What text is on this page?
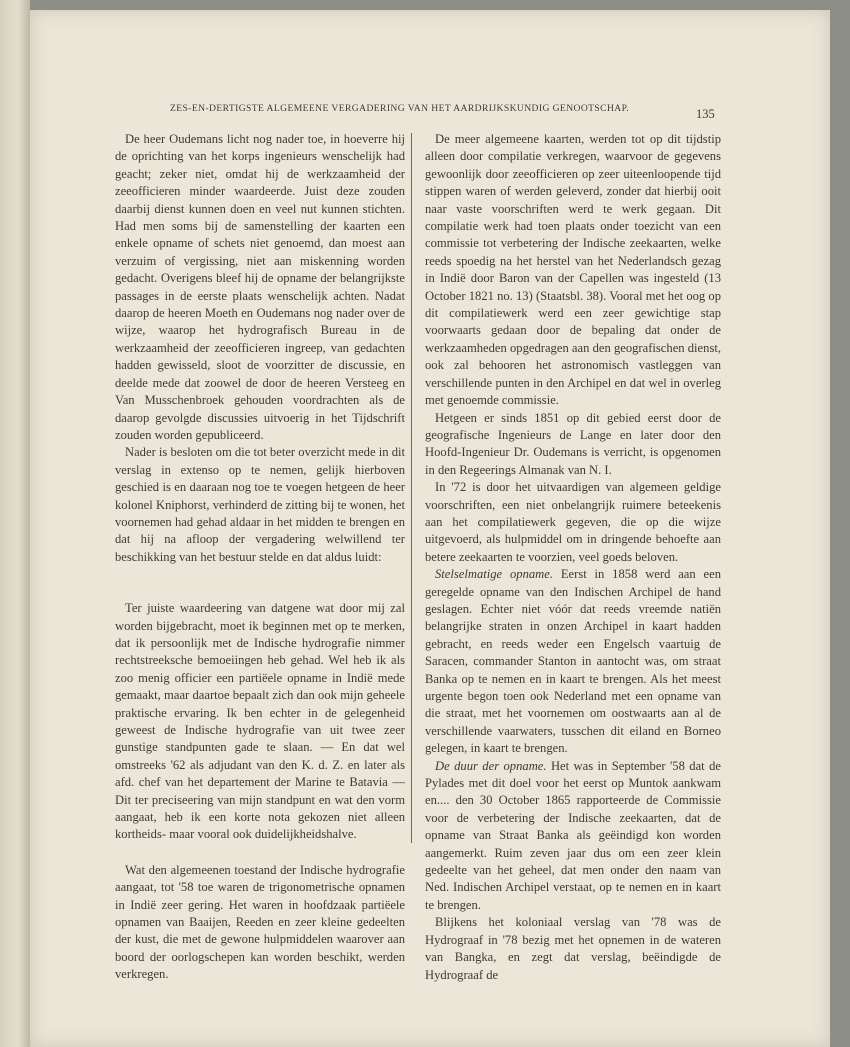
ZES-EN-DERTIGSTE ALGEMEENE VERGADERING VAN HET AARDRIJKSKUNDIG GENOOTSCHAP.	135

De heer Oudemans licht nog nader toe, in hoeverre hij de oprichting van het korps ingenieurs wenschelijk had geacht; zeker niet, omdat hij de werkzaamheid der zeeofficieren minder waardeerde. Juist deze zouden daarbij dienst kunnen doen en veel nut kunnen stichten. Had men soms bij de samenstelling der kaarten een enkele opname of schets niet genoemd, dan moest aan verzuim of vergissing, niet aan miskenning worden gedacht. Overigens bleef hij de opname der belangrijkste passages in de eerste plaats wenschelijk achten. Nadat daarop de heeren Moeth en Oudemans nog nader over de wijze, waarop het hydrografisch Bureau in de werkzaamheid der zeeofficieren ingreep, van gedachten hadden gewisseld, sloot de voorzitter de discussie, en deelde mede dat zoowel de door de heeren Versteeg en Van Musschenbroek gehouden voordrachten als de daarop gevolgde discussies uitvoerig in het Tijdschrift zouden worden gepubliceerd.

Nader is besloten om die tot beter overzicht mede in dit verslag in extenso op te nemen, gelijk hierboven geschied is en daaraan nog toe te voegen hetgeen de heer kolonel Kniphorst, verhinderd de zitting bij te wonen, het voornemen had gehad aldaar in het midden te brengen en dat hij na afloop der vergadering welwillend ter beschikking van het bestuur stelde en dat aldus luidt:

Ter juiste waardeering van datgene wat door mij zal worden bijgebracht, moet ik beginnen met op te merken, dat ik persoonlijk met de Indische hydrografie nimmer rechtstreeksche bemoeiingen heb gehad. Wel heb ik als zoo menig officier een partiëele opname in Indië mede gemaakt, maar daartoe bepaalt zich dan ook mijn geheele praktische ervaring. Ik ben echter in de gelegenheid geweest de Indische hydrografie van uit twee zeer gunstige standpunten gade te slaan. — En dat wel omstreeks '62 als adjudant van den K. d. Z. en later als afd. chef van het departement der Marine te Batavia — Dit ter preciseering van mijn standpunt en wat den vorm aangaat, heb ik een korte nota gekozen niet alleen kortheids- maar vooral ook duidelijkheidshalve.

Wat den algemeenen toestand der Indische hydrografie aangaat, tot '58 toe waren de trigonometrische opnamen in Indië zeer gering. Het waren in hoofdzaak partiëele opnamen van Baaijen, Reeden en zeer kleine gedeelten der kust, die met de gewone hulpmiddelen waarover aan boord der oorlogschepen kan worden beschikt, werden verkregen.

De meer algemeene kaarten, werden tot op dit tijdstip alleen door compilatie verkregen, waarvoor de gegevens gewoonlijk door zeeofficieren op zeer uiteenloopende tijd stippen waren of werden geleverd, zonder dat hierbij ooit naar vaste voorschriften werd te werk gegaan. Dit compilatie werk had toen plaats onder toezicht van een commissie tot verbetering der Indische zeekaarten, welke reeds spoedig na het herstel van het Nederlandsch gezag in Indië door Baron van der Capellen was ingesteld (13 October 1821 no. 13) (Staatsbl. 38). Vooral met het oog op dit compilatiewerk werd een zeer gewichtige stap voorwaarts gedaan door de bepaling dat onder de werkzaamheden opgedragen aan den geografischen dienst, ook zal behooren het astronomisch vastleggen van verschillende punten in den Archipel en dat wel in overleg met genoemde commissie.

Hetgeen er sinds 1851 op dit gebied eerst door de geografische Ingenieurs de Lange en later door den Hoofd-Ingenieur Dr. Oudemans is verricht, is opgenomen in den Regeerings Almanak van N. I.

In '72 is door het uitvaardigen van algemeen geldige voorschriften, een niet onbelangrijk ruimere beteekenis aan het compilatiewerk gegeven, die op die wijze uitgevoerd, als hulpmiddel om in dringende behoefte aan betere zeekaarten te voorzien, veel goeds beloven.

Stelselmatige opname. Eerst in 1858 werd aan een geregelde opname van den Indischen Archipel de hand geslagen. Echter niet vóór dat reeds vreemde natiën belangrijke straten in onzen Archipel in kaart hadden gebracht, en reeds weder een Engelsch vaartuig de Saracen, commander Stanton in aantocht was, om straat Banka op te nemen en in kaart te brengen. Als het meest urgente begon toen ook Nederland met een opname van die straat, met het voornemen om oostwaarts aan al de verschillende vaarwaters, tusschen dit eiland en Borneo gelegen, in kaart te brengen.

De duur der opname. Het was in September '58 dat de Pylades met dit doel voor het eerst op Muntok aankwam en.... den 30 October 1865 rapporteerde de Commissie voor de verbetering der Indische zeekaarten, dat de opname van Straat Banka als geëindigd kon worden aangemerkt. Ruim zeven jaar dus om een zeer klein gedeelte van het geheel, dat men onder den naam van Ned. Indischen Archipel verstaat, op te nemen en in kaart te brengen.

Blijkens het koloniaal verslag van '78 was de Hydrograaf in '78 bezig met het opnemen in de wateren van Bangka, en zegt dat verslag, beëindigde de Hydrograaf de
